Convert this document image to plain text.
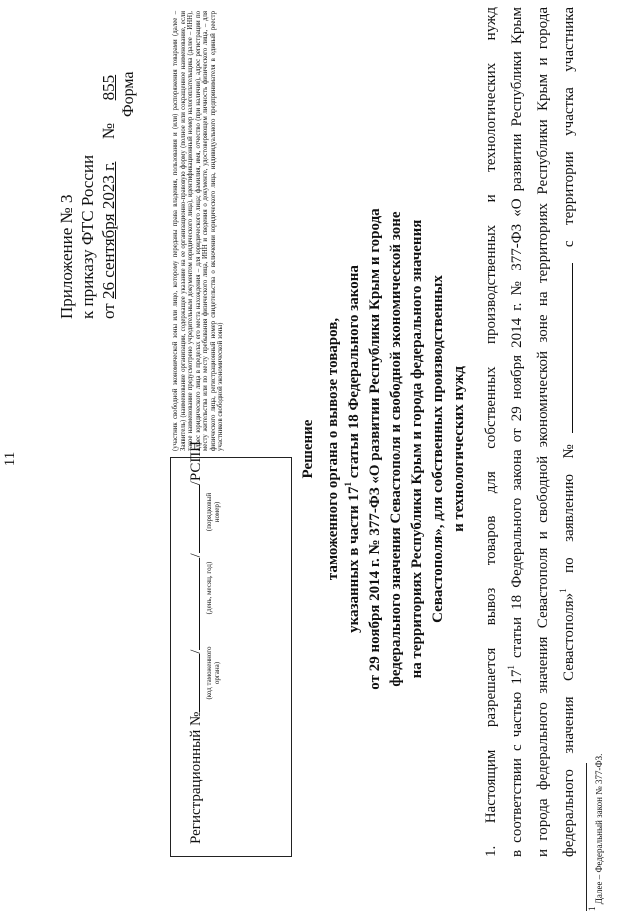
11
Приложение № 3 к приказу ФТС России от 26 сентября 2023 г.  №  855 Форма
Регистрационный №///РСПН
(код таможенного органа)
(день, месяц, год)
(порядковый номер)
(участник свободной экономической зоны или лицо, которому переданы права владения, пользования и (или) распоряжения товарами (далее – Заявитель) (наименование организации, содержащее указание на ее организационно-правовую форму (полное или сокращенное наименование, если такое наименование предусмотрено учредительным документом юридического лица), идентификационный номер налогоплательщика (далее – ИНН), адрес юридического лица в пределах его места нахождения – для юридического лица; фамилия, имя, отчество (при наличии), адрес регистрации по месту жительства или по месту пребывания физического лица, ИНН и сведения о документе, удостоверяющем личность физического лица, – для физического лица, регистрационный номер свидетельства о включении юридического лица, индивидуального предпринимателя в единый реестр участников свободной экономической зоны)	Решение таможенного органа о вывозе товаров, указанных в части $17^1$ статьи 18 Федерального закона от 29 ноября 2014 г. № 377-ФЗ «О развитии Республики Крым и города федерального значения Севастополя и свободной экономической зоне на территориях Республики Крым и города федерального значения Севастополя», для собственных производственных и технологических нужд	1. Настоящим разрешается вывоз товаров для собственных производственных и технологических нужд в соответствии с частью $17^1$ статьи 18 Федерального закона от 29 ноября 2014 г. № 377-ФЗ «О развитии Республики Крым и города федерального значения Севастополя и свободной экономической зоне на территориях Республики Крым и города федерального значения Севастополя»$^1$ по заявлению № с территории участка участника
$^1$ Далее – Федеральный закон № 377-ФЗ.
